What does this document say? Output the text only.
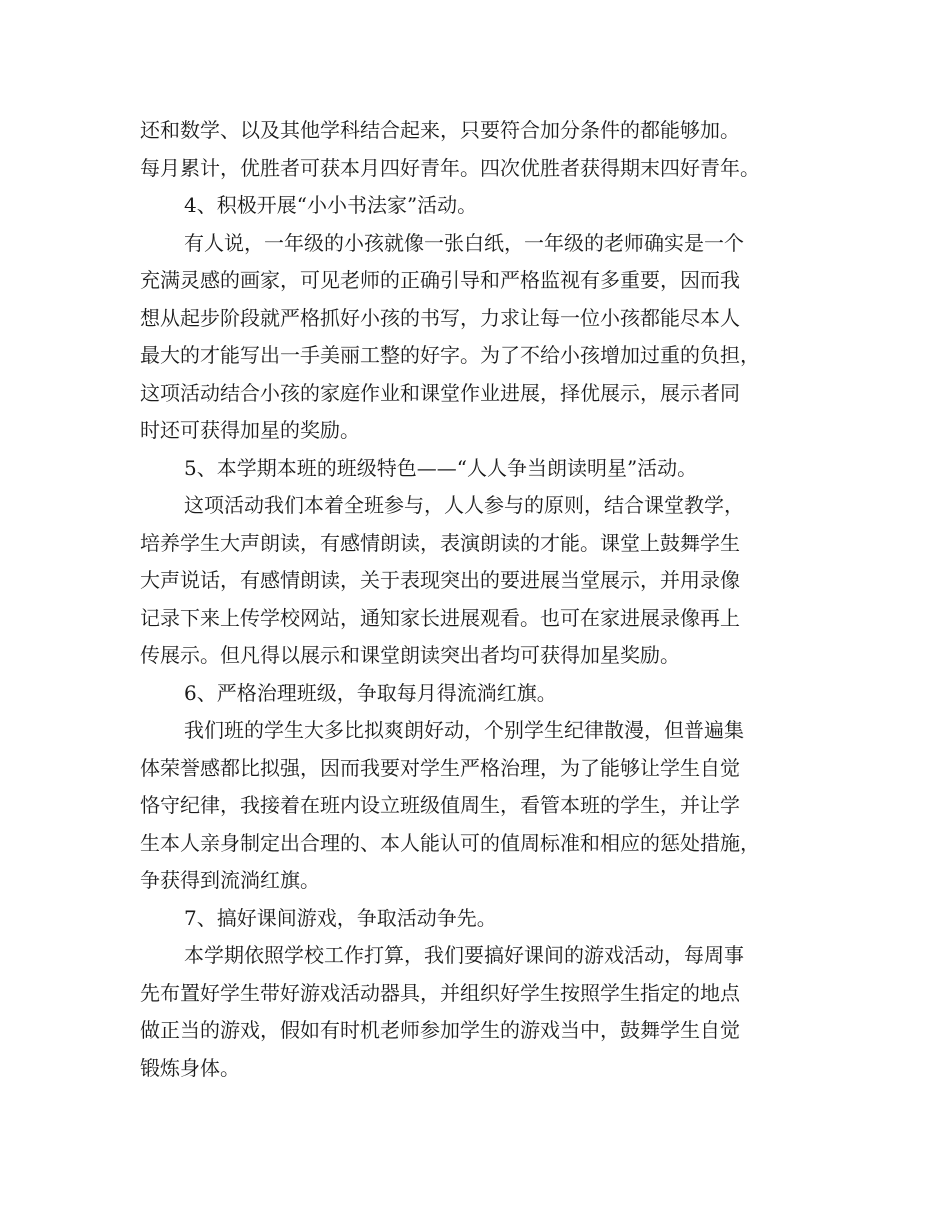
还和数学、以及其他学科结合起来，只要符合加分条件的都能够加。
每月累计，优胜者可获本月四好青年。四次优胜者获得期末四好青年。
4、积极开展“小小书法家”活动。
有人说，一年级的小孩就像一张白纸，一年级的老师确实是一个
充满灵感的画家，可见老师的正确引导和严格监视有多重要，因而我
想从起步阶段就严格抓好小孩的书写，力求让每一位小孩都能尽本人
最大的才能写出一手美丽工整的好字。为了不给小孩增加过重的负担，
这项活动结合小孩的家庭作业和课堂作业进展，择优展示，展示者同
时还可获得加星的奖励。
5、本学期本班的班级特色——“人人争当朗读明星”活动。
这项活动我们本着全班参与，人人参与的原则，结合课堂教学，
培养学生大声朗读，有感情朗读，表演朗读的才能。课堂上鼓舞学生
大声说话，有感情朗读，关于表现突出的要进展当堂展示，并用录像
记录下来上传学校网站，通知家长进展观看。也可在家进展录像再上
传展示。但凡得以展示和课堂朗读突出者均可获得加星奖励。
6、严格治理班级，争取每月得流淌红旗。
我们班的学生大多比拟爽朗好动，个别学生纪律散漫，但普遍集
体荣誉感都比拟强，因而我要对学生严格治理，为了能够让学生自觉
恪守纪律，我接着在班内设立班级值周生，看管本班的学生，并让学
生本人亲身制定出合理的、本人能认可的值周标准和相应的惩处措施，
争获得到流淌红旗。
7、搞好课间游戏，争取活动争先。
本学期依照学校工作打算，我们要搞好课间的游戏活动，每周事
先布置好学生带好游戏活动器具，并组织好学生按照学生指定的地点
做正当的游戏，假如有时机老师参加学生的游戏当中，鼓舞学生自觉
锻炼身体。
